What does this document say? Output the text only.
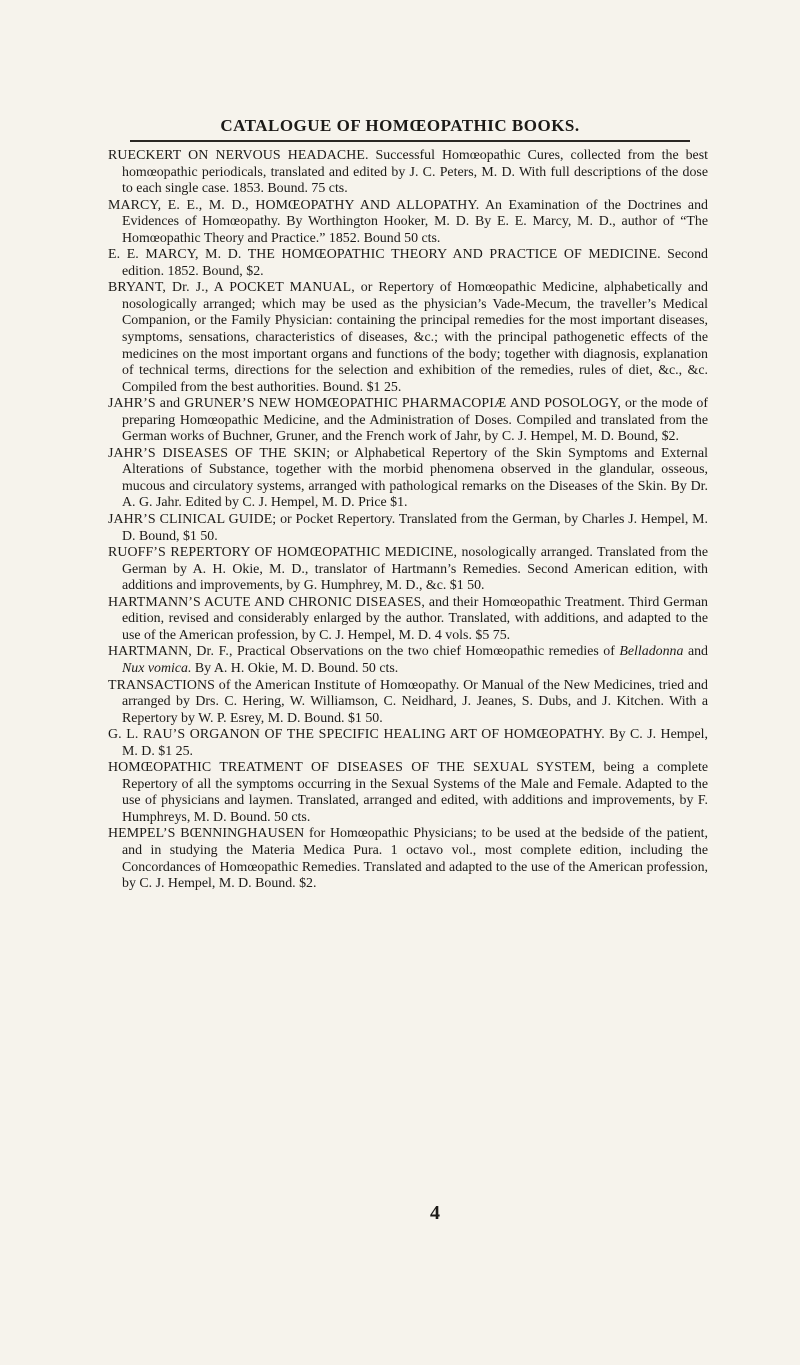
CATALOGUE OF HOMŒOPATHIC BOOKS.

RUECKERT ON NERVOUS HEADACHE. Successful Homœopathic Cures, collected from the best homœopathic periodicals, translated and edited by J. C. Peters, M. D. With full descriptions of the dose to each single case. 1853. Bound. 75 cts.

MARCY, E. E., M. D., HOMŒOPATHY AND ALLOPATHY. An Examination of the Doctrines and Evidences of Homœopathy. By Worthington Hooker, M. D. By E. E. Marcy, M. D., author of “The Homœopathic Theory and Practice.” 1852. Bound 50 cts.

E. E. MARCY, M. D. THE HOMŒOPATHIC THEORY AND PRACTICE OF MEDICINE. Second edition. 1852. Bound, $2.

BRYANT, Dr. J., A POCKET MANUAL, or Repertory of Homœopathic Medicine, alphabetically and nosologically arranged; which may be used as the physician’s Vade-Mecum, the traveller’s Medical Companion, or the Family Physician: containing the principal remedies for the most important diseases, symptoms, sensations, characteristics of diseases, &c.; with the principal pathogenetic effects of the medicines on the most important organs and functions of the body; together with diagnosis, explanation of technical terms, directions for the selection and exhibition of the remedies, rules of diet, &c., &c. Compiled from the best authorities. Bound. $1 25.

JAHR’S and GRUNER’S NEW HOMŒOPATHIC PHARMACOPIÆ AND POSOLOGY, or the mode of preparing Homœopathic Medicine, and the Administration of Doses. Compiled and translated from the German works of Buchner, Gruner, and the French work of Jahr, by C. J. Hempel, M. D. Bound, $2.

JAHR’S DISEASES OF THE SKIN; or Alphabetical Repertory of the Skin Symptoms and External Alterations of Substance, together with the morbid phenomena observed in the glandular, osseous, mucous and circulatory systems, arranged with pathological remarks on the Diseases of the Skin. By Dr. A. G. Jahr. Edited by C. J. Hempel, M. D. Price $1.

JAHR’S CLINICAL GUIDE; or Pocket Repertory. Translated from the German, by Charles J. Hempel, M. D. Bound, $1 50.

RUOFF’S REPERTORY OF HOMŒOPATHIC MEDICINE, nosologically arranged. Translated from the German by A. H. Okie, M. D., translator of Hartmann’s Remedies. Second American edition, with additions and improvements, by G. Humphrey, M. D., &c. $1 50.

HARTMANN’S ACUTE AND CHRONIC DISEASES, and their Homœopathic Treatment. Third German edition, revised and considerably enlarged by the author. Translated, with additions, and adapted to the use of the American profession, by C. J. Hempel, M. D. 4 vols. $5 75.

HARTMANN, Dr. F., Practical Observations on the two chief Homœopathic remedies of Belladonna and Nux vomica. By A. H. Okie, M. D. Bound. 50 cts.

TRANSACTIONS of the American Institute of Homœopathy. Or Manual of the New Medicines, tried and arranged by Drs. C. Hering, W. Williamson, C. Neidhard, J. Jeanes, S. Dubs, and J. Kitchen. With a Repertory by W. P. Esrey, M. D. Bound. $1 50.

G. L. RAU’S ORGANON OF THE SPECIFIC HEALING ART OF HOMŒOPATHY. By C. J. Hempel, M. D. $1 25.

HOMŒOPATHIC TREATMENT OF DISEASES OF THE SEXUAL SYSTEM, being a complete Repertory of all the symptoms occurring in the Sexual Systems of the Male and Female. Adapted to the use of physicians and laymen. Translated, arranged and edited, with additions and improvements, by F. Humphreys, M. D. Bound. 50 cts.

HEMPEL’S BŒNNINGHAUSEN for Homœopathic Physicians; to be used at the bedside of the patient, and in studying the Materia Medica Pura. 1 octavo vol., most complete edition, including the Concordances of Homœopathic Remedies. Translated and adapted to the use of the American profession, by C. J. Hempel, M. D. Bound. $2.

4
